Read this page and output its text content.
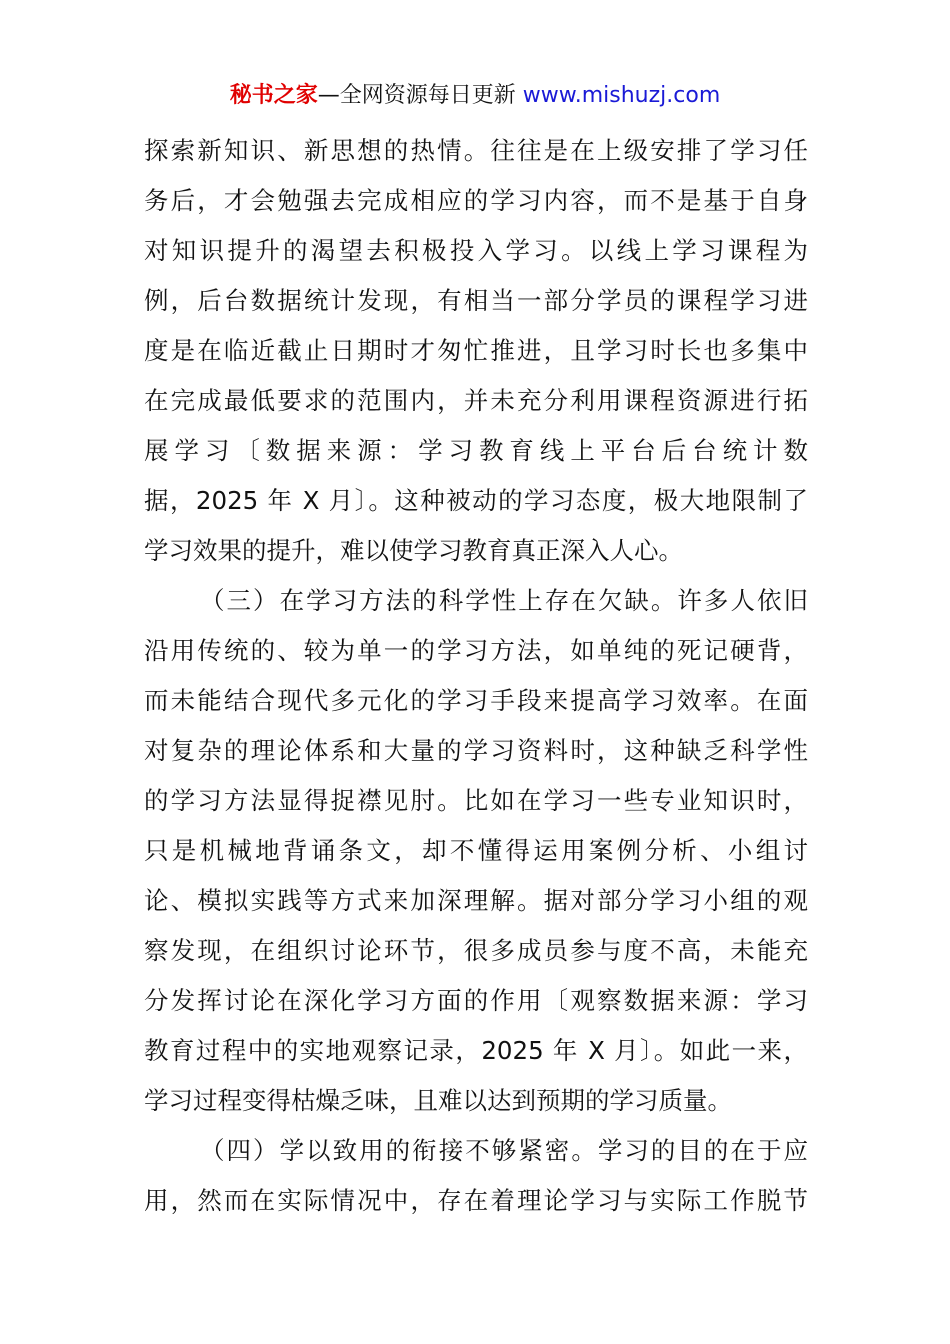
秘书之家—全网资源每日更新 www.mishuzj.com
探索新知识、新思想的热情。往往是在上级安排了学习任
务后，才会勉强去完成相应的学习内容，而不是基于自身
对知识提升的渴望去积极投入学习。以线上学习课程为
例，后台数据统计发现，有相当一部分学员的课程学习进
度是在临近截止日期时才匆忙推进，且学习时长也多集中
在完成最低要求的范围内，并未充分利用课程资源进行拓
展学习〔数据来源：学习教育线上平台后台统计数
据，2025 年 X 月〕。这种被动的学习态度，极大地限制了
学习效果的提升，难以使学习教育真正深入人心。
（三）在学习方法的科学性上存在欠缺。许多人依旧
沿用传统的、较为单一的学习方法，如单纯的死记硬背，
而未能结合现代多元化的学习手段来提高学习效率。在面
对复杂的理论体系和大量的学习资料时，这种缺乏科学性
的学习方法显得捉襟见肘。比如在学习一些专业知识时，
只是机械地背诵条文，却不懂得运用案例分析、小组讨
论、模拟实践等方式来加深理解。据对部分学习小组的观
察发现，在组织讨论环节，很多成员参与度不高，未能充
分发挥讨论在深化学习方面的作用〔观察数据来源：学习
教育过程中的实地观察记录，2025 年 X 月〕。如此一来，
学习过程变得枯燥乏味，且难以达到预期的学习质量。
（四）学以致用的衔接不够紧密。学习的目的在于应
用，然而在实际情况中，存在着理论学习与实际工作脱节
